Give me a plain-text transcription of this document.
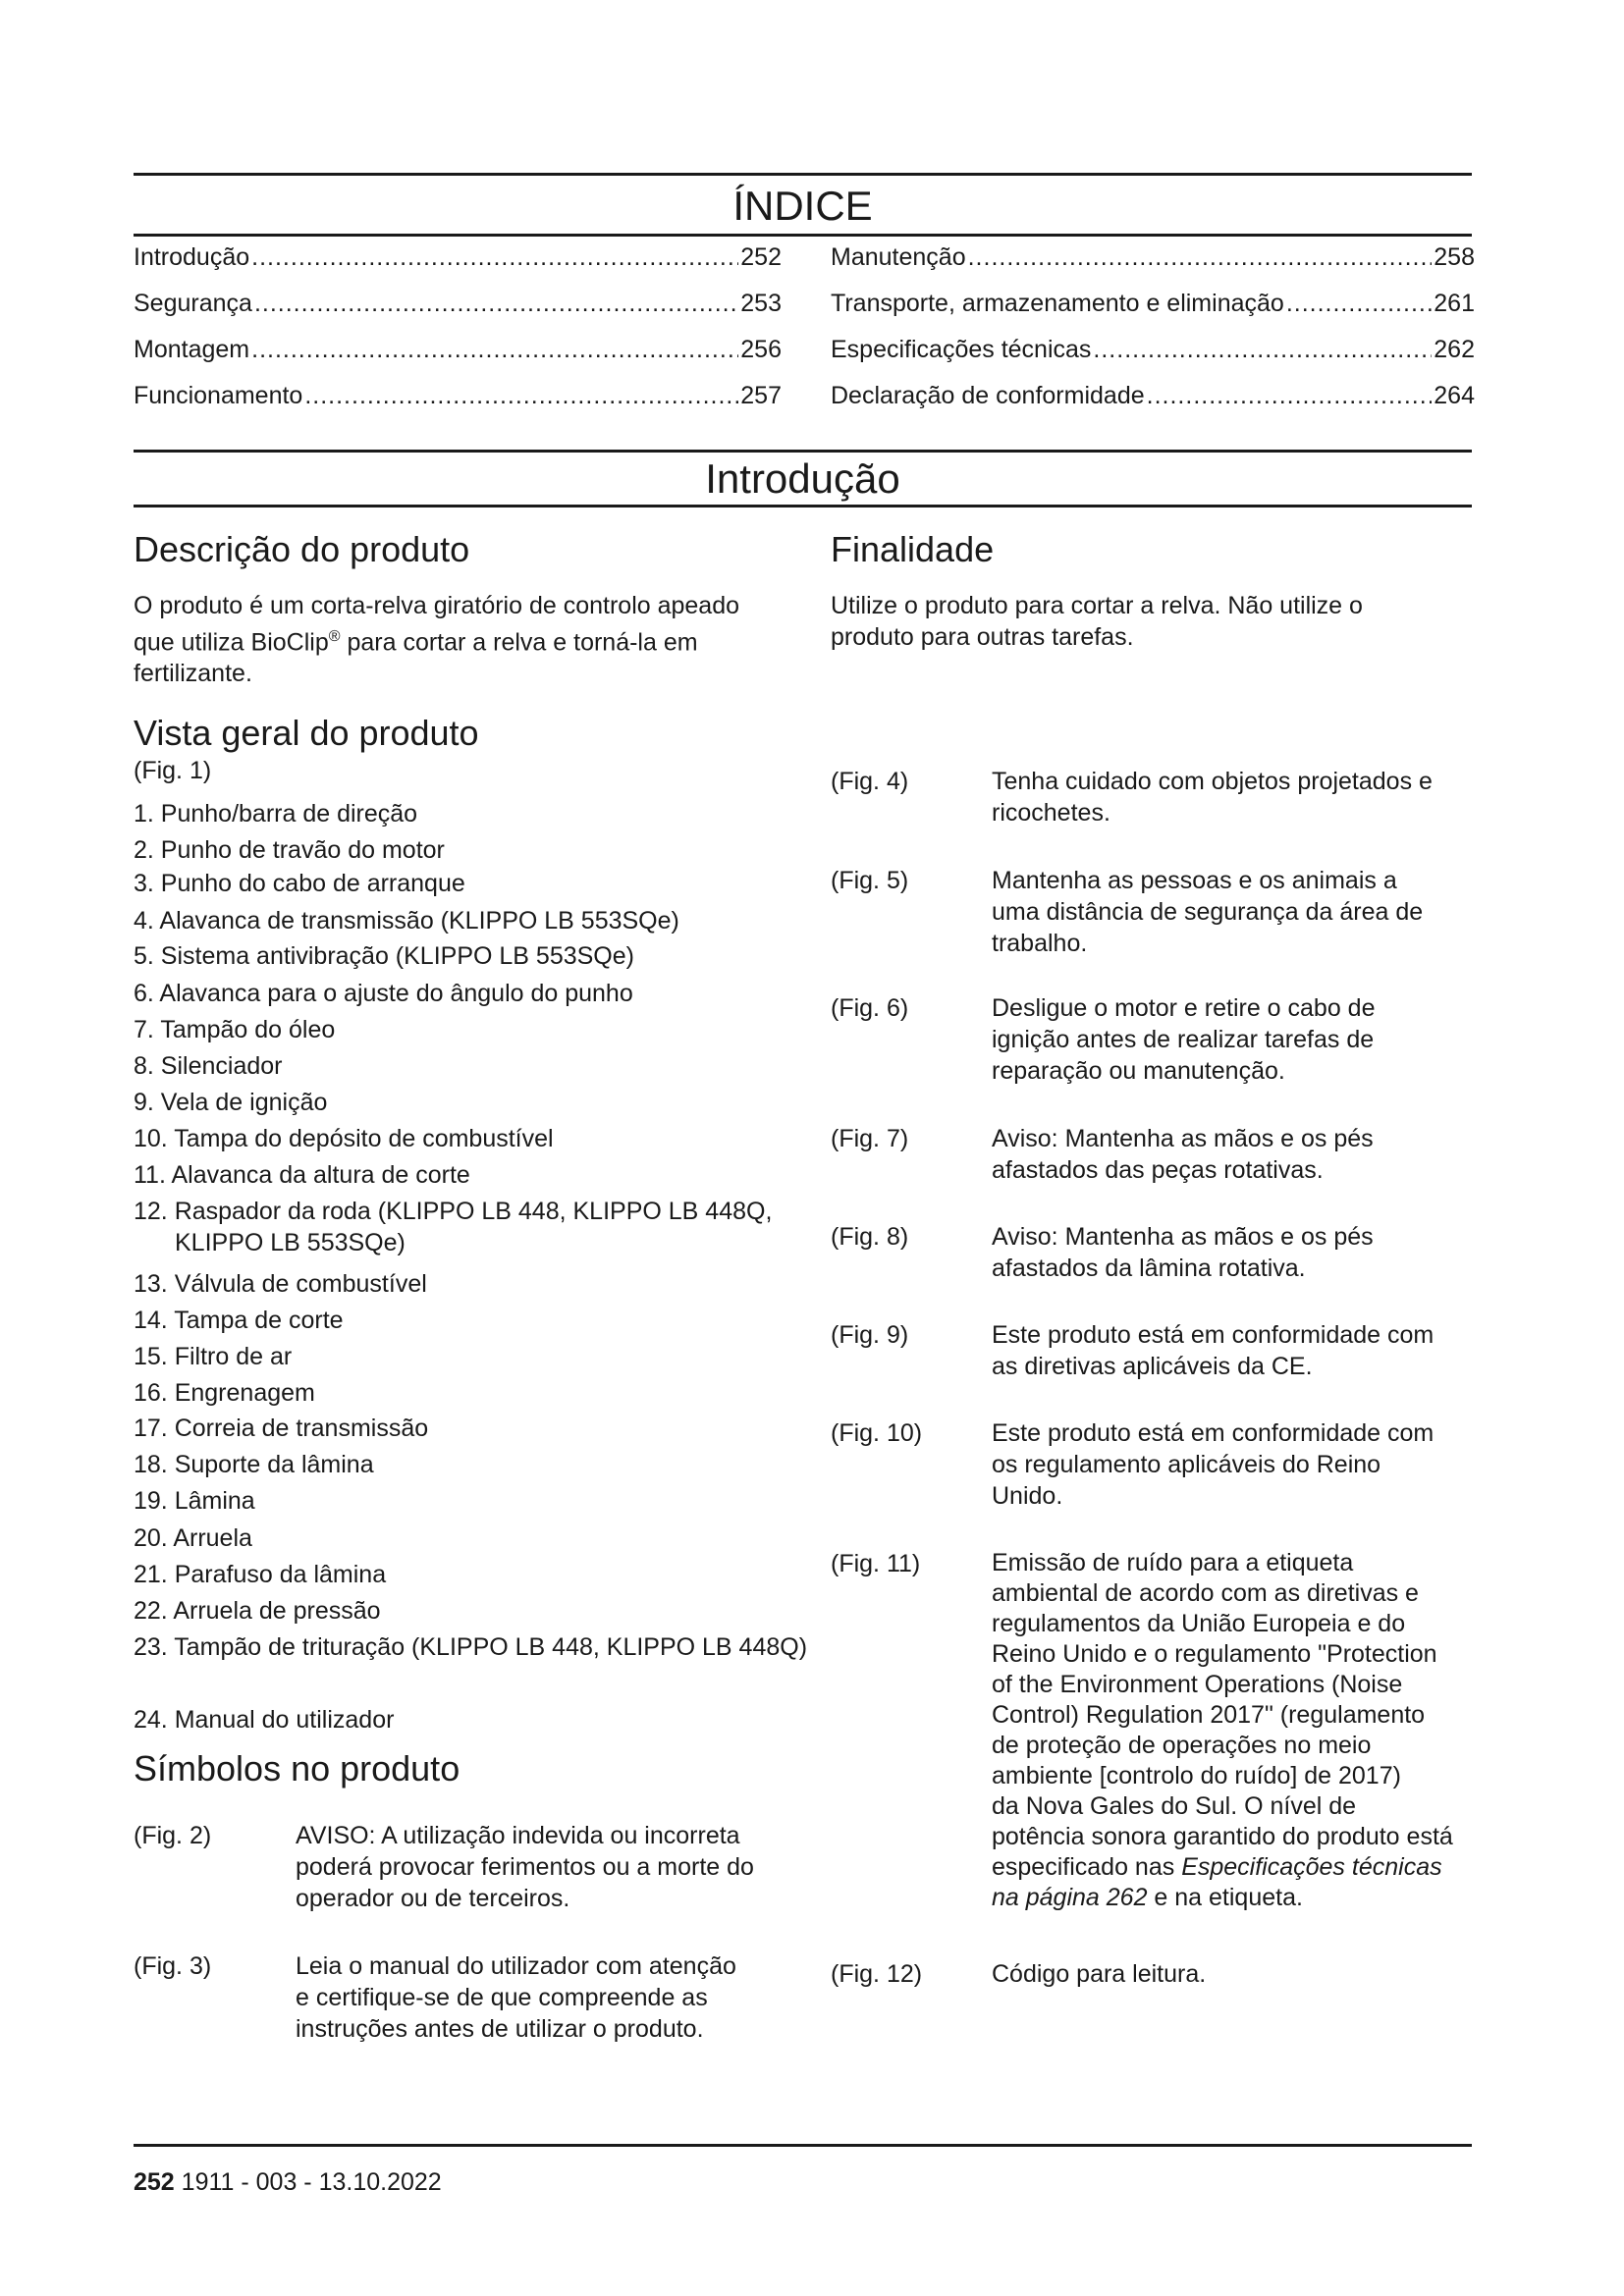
ÍNDICE
Introdução .....	252
Segurança .....	253
Montagem .....	256
Funcionamento .....	257
Manutenção .....	258
Transporte, armazenamento e eliminação .....	261
Especificações técnicas .....	262
Declaração de conformidade .....	264
Introdução
Descrição do produto
O produto é um corta-relva giratório de controlo apeado
que utiliza BioClip® para cortar a relva e torná-la em
fertilizante.
Finalidade
Utilize o produto para cortar a relva. Não utilize o
produto para outras tarefas.
Vista geral do produto
(Fig. 1)
1. Punho/barra de direção
2. Punho de travão do motor
3. Punho do cabo de arranque
4. Alavanca de transmissão (KLIPPO LB 553SQe)
5. Sistema antivibração (KLIPPO LB 553SQe)
6. Alavanca para o ajuste do ângulo do punho
7. Tampão do óleo
8. Silenciador
9. Vela de ignição
10. Tampa do depósito de combustível
11. Alavanca da altura de corte
12. Raspador da roda (KLIPPO LB 448, KLIPPO LB 448Q, KLIPPO LB 553SQe)
13. Válvula de combustível
14. Tampa de corte
15. Filtro de ar
16. Engrenagem
17. Correia de transmissão
18. Suporte da lâmina
19. Lâmina
20. Arruela
21. Parafuso da lâmina
22. Arruela de pressão
23. Tampão de trituração (KLIPPO LB 448, KLIPPO LB 448Q)
24. Manual do utilizador
Símbolos no produto
(Fig. 2)	AVISO: A utilização indevida ou incorreta
poderá provocar ferimentos ou a morte do
operador ou de terceiros.
(Fig. 3)	Leia o manual do utilizador com atenção
e certifique-se de que compreende as
instruções antes de utilizar o produto.
(Fig. 4)	Tenha cuidado com objetos projetados e
ricochetes.
(Fig. 5)	Mantenha as pessoas e os animais a
uma distância de segurança da área de
trabalho.
(Fig. 6)	Desligue o motor e retire o cabo de
ignição antes de realizar tarefas de
reparação ou manutenção.
(Fig. 7)	Aviso: Mantenha as mãos e os pés
afastados das peças rotativas.
(Fig. 8)	Aviso: Mantenha as mãos e os pés
afastados da lâmina rotativa.
(Fig. 9)	Este produto está em conformidade com
as diretivas aplicáveis da CE.
(Fig. 10)	Este produto está em conformidade com
os regulamento aplicáveis do Reino
Unido.
(Fig. 11)	Emissão de ruído para a etiqueta
ambiental de acordo com as diretivas e
regulamentos da União Europeia e do
Reino Unido e o regulamento "Protection
of the Environment Operations (Noise
Control) Regulation 2017" (regulamento
de proteção de operações no meio
ambiente [controlo do ruído] de 2017)
da Nova Gales do Sul. O nível de
potência sonora garantido do produto está
especificado nas Especificações técnicas
na página 262 e na etiqueta.
(Fig. 12)	Código para leitura.
252 1911 - 003 - 13.10.2022
